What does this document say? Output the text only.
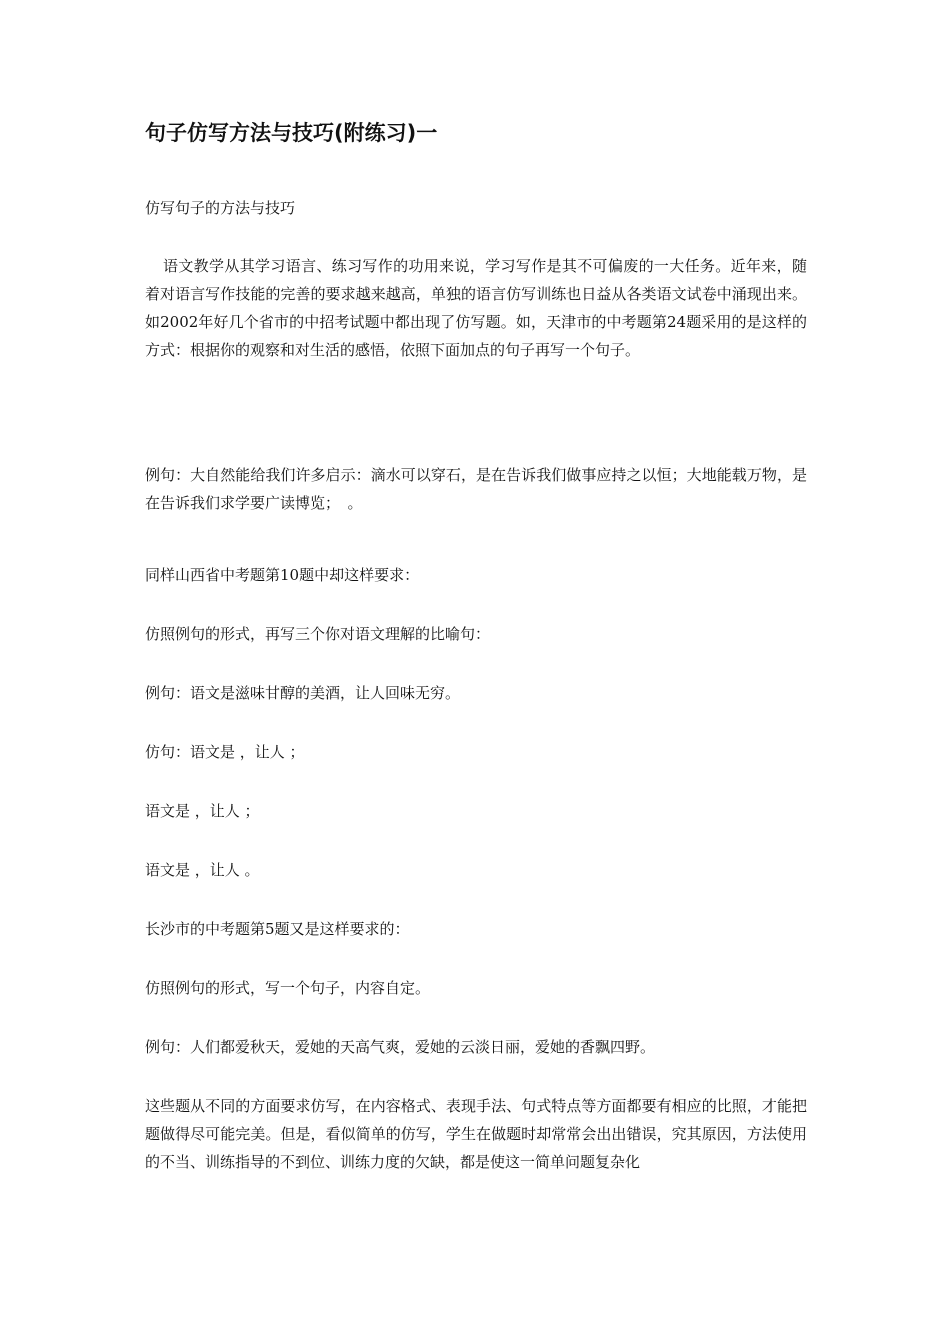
句子仿写方法与技巧(附练习)一
仿写句子的方法与技巧
语文教学从其学习语言、练习写作的功用来说，学习写作是其不可偏废的一大任务。近年来，随着对语言写作技能的完善的要求越来越高，单独的语言仿写训练也日益从各类语文试卷中涌现出来。如2002年好几个省市的中招考试题中都出现了仿写题。如，天津市的中考题第24题采用的是这样的方式：根据你的观察和对生活的感悟，依照下面加点的句子再写一个句子。
例句：大自然能给我们许多启示：滴水可以穿石，是在告诉我们做事应持之以恒；大地能载万物，是在告诉我们求学要广读博览；　。
同样山西省中考题第10题中却这样要求：
仿照例句的形式，再写三个你对语文理解的比喻句：
例句：语文是滋味甘醇的美酒，让人回味无穷。
仿句：语文是 ，让人 ；
语文是 ，让人 ；
语文是 ，让人 。
长沙市的中考题第5题又是这样要求的：
仿照例句的形式，写一个句子，内容自定。
例句：人们都爱秋天，爱她的天高气爽，爱她的云淡日丽，爱她的香飘四野。
这些题从不同的方面要求仿写，在内容格式、表现手法、句式特点等方面都要有相应的比照，才能把题做得尽可能完美。但是，看似简单的仿写，学生在做题时却常常会出出错误，究其原因，方法使用的不当、训练指导的不到位、训练力度的欠缺，都是使这一简单问题复杂化
